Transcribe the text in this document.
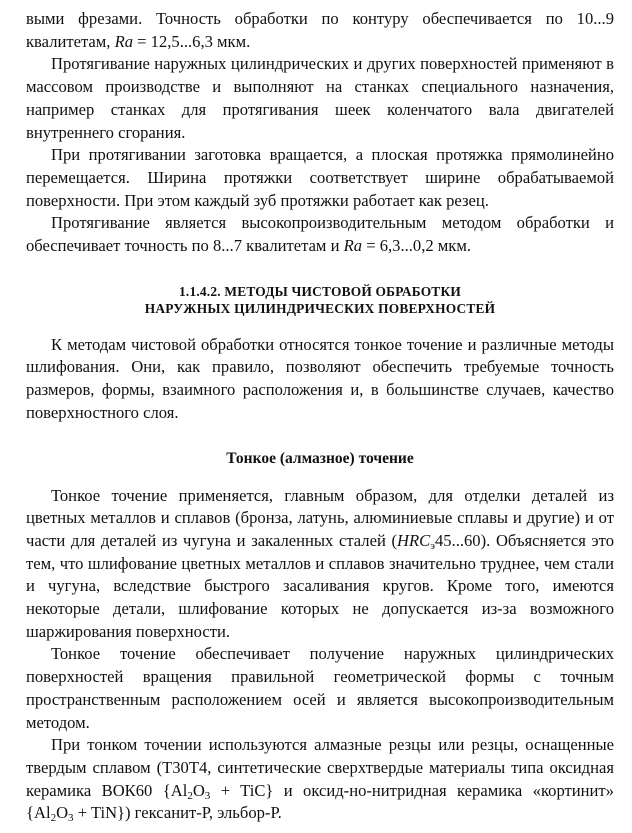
выми фрезами. Точность обработки по контуру обеспечивается по 10...9 квалитетам, Ra = 12,5...6,3 мкм.

Протягивание наружных цилиндрических и других поверхностей применяют в массовом производстве и выполняют на станках специального назначения, например станках для протягивания шеек коленчатого вала двигателей внутреннего сгорания.

При протягивании заготовка вращается, а плоская протяжка прямолинейно перемещается. Ширина протяжки соответствует ширине обрабатываемой поверхности. При этом каждый зуб протяжки работает как резец.

Протягивание является высокопроизводительным методом обработки и обеспечивает точность по 8...7 квалитетам и Ra = 6,3...0,2 мкм.

1.1.4.2. МЕТОДЫ ЧИСТОВОЙ ОБРАБОТКИ
НАРУЖНЫХ ЦИЛИНДРИЧЕСКИХ ПОВЕРХНОСТЕЙ

К методам чистовой обработки относятся тонкое точение и различные методы шлифования. Они, как правило, позволяют обеспечить требуемые точность размеров, формы, взаимного расположения и, в большинстве случаев, качество поверхностного слоя.

Тонкое (алмазное) точение

Тонкое точение применяется, главным образом, для отделки деталей из цветных металлов и сплавов (бронза, латунь, алюминиевые сплавы и другие) и от части для деталей из чугуна и закаленных сталей $(HRC_э45...60)$. Объясняется это тем, что шлифование цветных металлов и сплавов значительно труднее, чем стали и чугуна, вследствие быстрого засаливания кругов. Кроме того, имеются некоторые детали, шлифование которых не допускается из-за возможного шаржирования поверхности.

Тонкое точение обеспечивает получение наружных цилиндрических поверхностей вращения правильной геометрической формы с точным пространственным расположением осей и является высокопроизводительным методом.

При тонком точении используются алмазные резцы или резцы, оснащенные твердым сплавом (Т30Т4, синтетические сверхтвердые материалы типа оксидная керамика ВОК60 $\{Al_2O_3 + TiC\}$ и оксид-но-нитридная керамика «кортинит» $\{Al_2O_3 + TiN\}$) гексанит-Р, эльбор-Р.
